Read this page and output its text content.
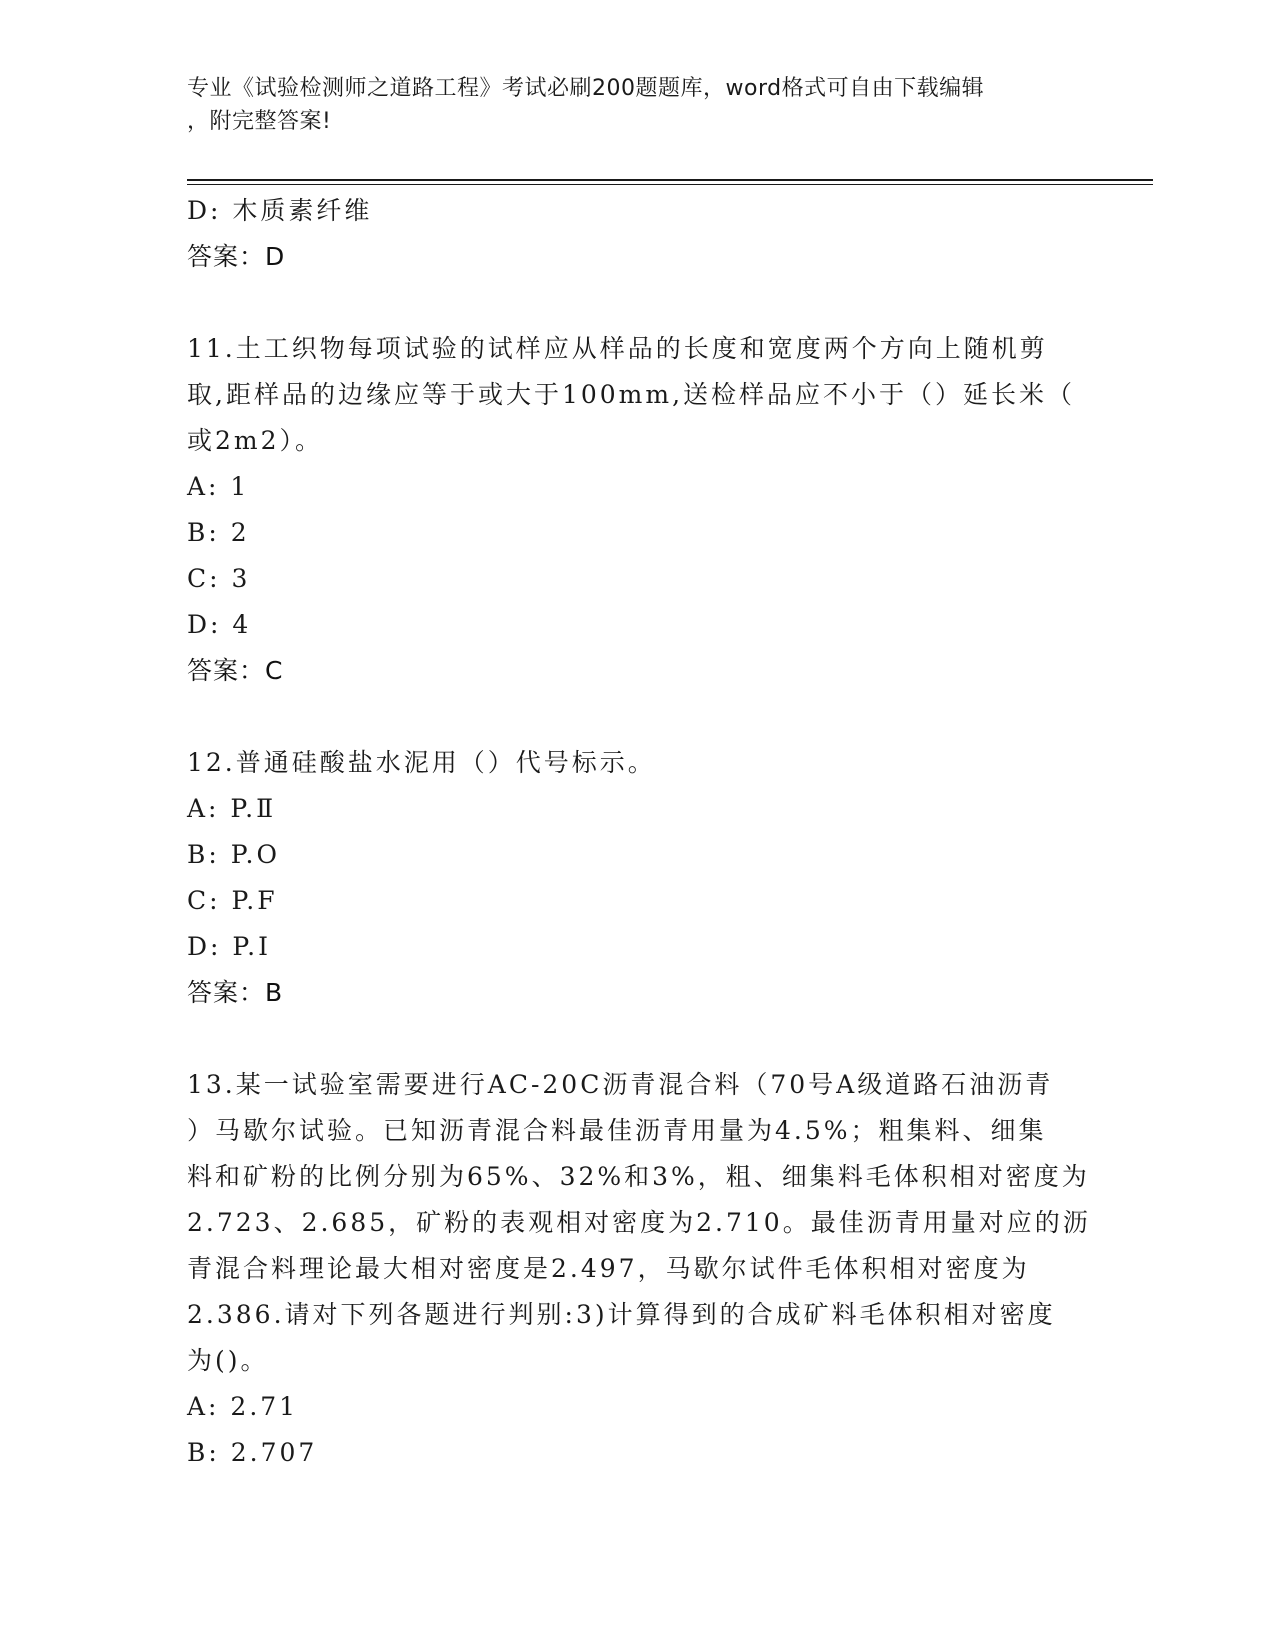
专业《试验检测师之道路工程》考试必刷200题题库，word格式可自由下载编辑
，附完整答案!
D: 木质素纤维
答案：D
11.土工织物每项试验的试样应从样品的长度和宽度两个方向上随机剪
取,距样品的边缘应等于或大于100mm,送检样品应不小于（）延长米（
或2m2）。
A: 1
B: 2
C: 3
D: 4
答案：C
12.普通硅酸盐水泥用（）代号标示。
A: P.Ⅱ
B: P.O
C: P.F
D: P.I
答案：B
13.某一试验室需要进行AC-20C沥青混合料（70号A级道路石油沥青
）马歇尔试验。已知沥青混合料最佳沥青用量为4.5%；粗集料、细集
料和矿粉的比例分别为65%、32%和3%，粗、细集料毛体积相对密度为
2.723、2.685，矿粉的表观相对密度为2.710。最佳沥青用量对应的沥
青混合料理论最大相对密度是2.497，马歇尔试件毛体积相对密度为
2.386.请对下列各题进行判别:3)计算得到的合成矿料毛体积相对密度
为()。
A: 2.71
B: 2.707
